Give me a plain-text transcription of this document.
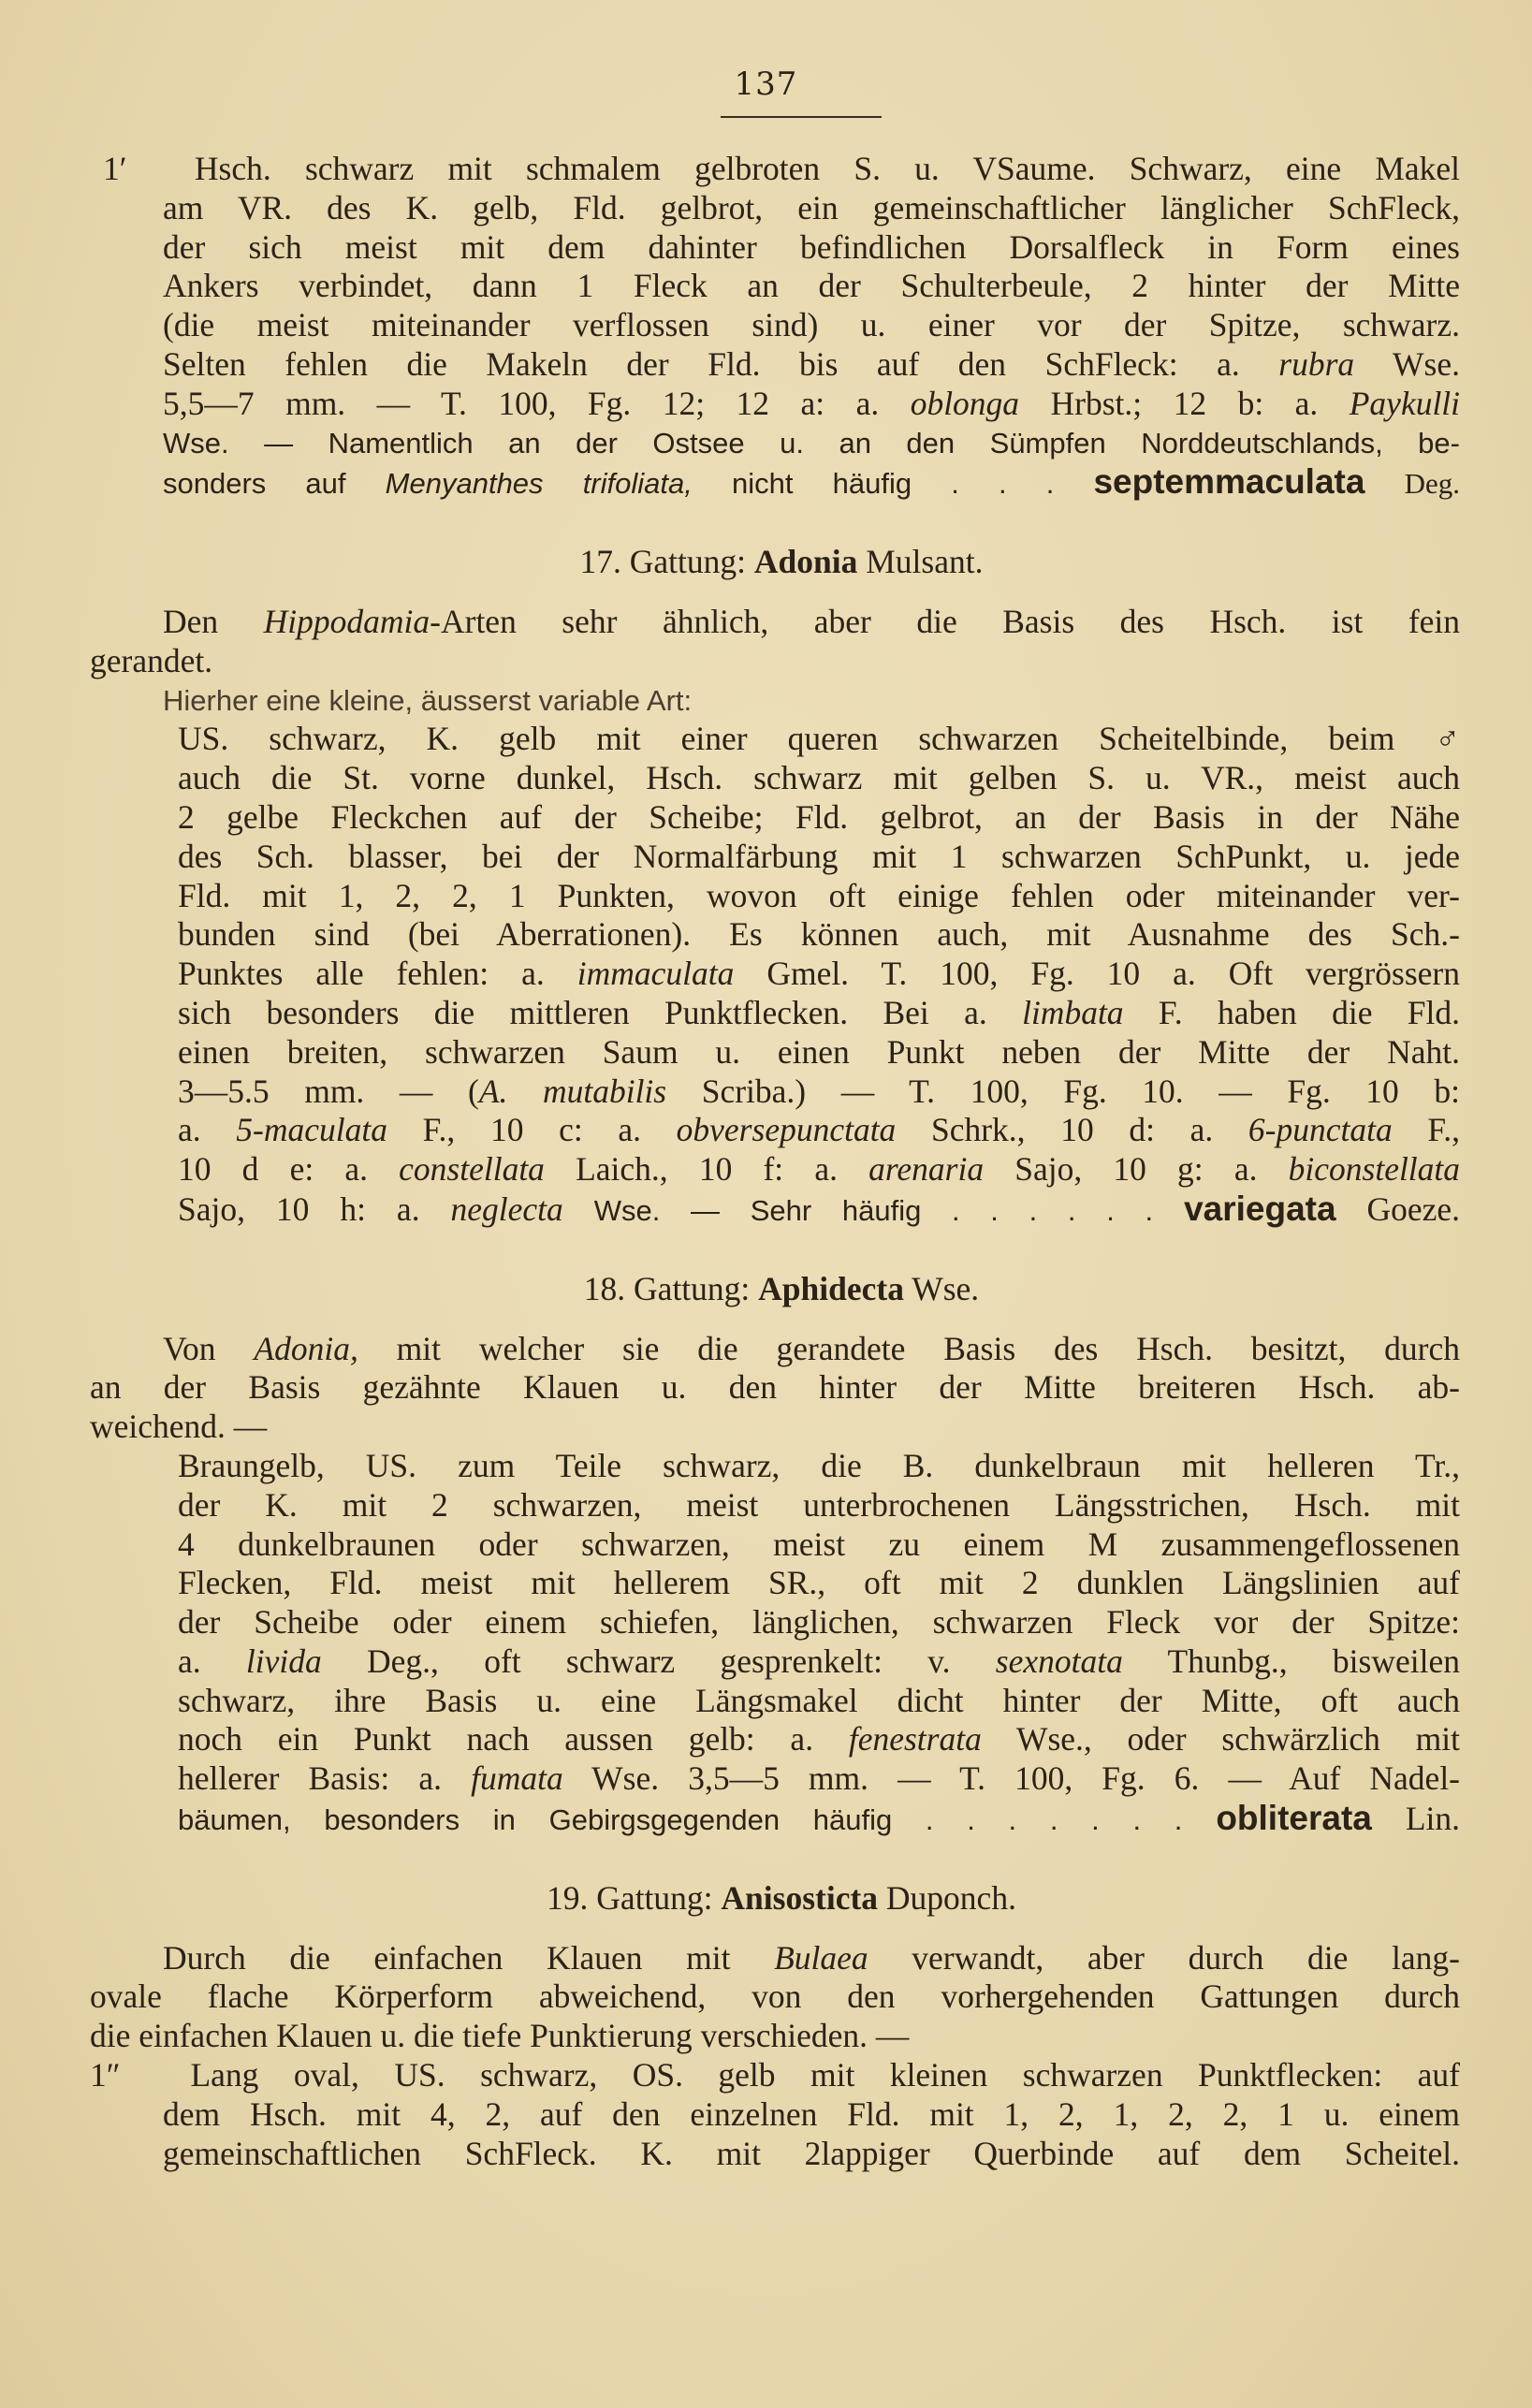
137

1′ Hsch. schwarz mit schmalem gelbroten S. u. VSaume. Schwarz, eine Makel

am VR. des K. gelb, Fld. gelbrot, ein gemeinschaftlicher länglicher SchFleck,

der sich meist mit dem dahinter befindlichen Dorsalfleck in Form eines

Ankers verbindet, dann 1 Fleck an der Schulterbeule, 2 hinter der Mitte

(die meist miteinander verflossen sind) u. einer vor der Spitze, schwarz.

Selten fehlen die Makeln der Fld. bis auf den SchFleck: a. rubra Wse.

5,5—7 mm. — T. 100, Fg. 12; 12 a: a. oblonga Hrbst.; 12 b: a. Paykulli

Wse. — Namentlich an der Ostsee u. an den Sümpfen Norddeutschlands, be-

sonders auf Menyanthes trifoliata, nicht häufig . . . septemmaculata Deg.

17. Gattung: Adonia Mulsant.

Den Hippodamia-Arten sehr ähnlich, aber die Basis des Hsch. ist fein

gerandet.

Hierher eine kleine, äusserst variable Art:

US. schwarz, K. gelb mit einer queren schwarzen Scheitelbinde, beim ♂

auch die St. vorne dunkel, Hsch. schwarz mit gelben S. u. VR., meist auch

2 gelbe Fleckchen auf der Scheibe; Fld. gelbrot, an der Basis in der Nähe

des Sch. blasser, bei der Normalfärbung mit 1 schwarzen SchPunkt, u. jede

Fld. mit 1, 2, 2, 1 Punkten, wovon oft einige fehlen oder miteinander ver-

bunden sind (bei Aberrationen). Es können auch, mit Ausnahme des Sch.-

Punktes alle fehlen: a. immaculata Gmel. T. 100, Fg. 10 a. Oft vergrössern

sich besonders die mittleren Punktflecken. Bei a. limbata F. haben die Fld.

einen breiten, schwarzen Saum u. einen Punkt neben der Mitte der Naht.

3—5.5 mm. — (A. mutabilis Scriba.) — T. 100, Fg. 10. — Fg. 10 b:

a. 5-maculata F., 10 c: a. obversepunctata Schrk., 10 d: a. 6-punctata F.,

10 d e: a. constellata Laich., 10 f: a. arenaria Sajo, 10 g: a. biconstellata

Sajo, 10 h: a. neglecta Wse. — Sehr häufig . . . . . . variegata Goeze.

18. Gattung: Aphidecta Wse.

Von Adonia, mit welcher sie die gerandete Basis des Hsch. besitzt, durch

an der Basis gezähnte Klauen u. den hinter der Mitte breiteren Hsch. ab-

weichend. —

Braungelb, US. zum Teile schwarz, die B. dunkelbraun mit helleren Tr.,

der K. mit 2 schwarzen, meist unterbrochenen Längsstrichen, Hsch. mit

4 dunkelbraunen oder schwarzen, meist zu einem M zusammengeflossenen

Flecken, Fld. meist mit hellerem SR., oft mit 2 dunklen Längslinien auf

der Scheibe oder einem schiefen, länglichen, schwarzen Fleck vor der Spitze:

a. livida Deg., oft schwarz gesprenkelt: v. sexnotata Thunbg., bisweilen

schwarz, ihre Basis u. eine Längsmakel dicht hinter der Mitte, oft auch

noch ein Punkt nach aussen gelb: a. fenestrata Wse., oder schwärzlich mit

hellerer Basis: a. fumata Wse. 3,5—5 mm. — T. 100, Fg. 6. — Auf Nadel-

bäumen, besonders in Gebirgsgegenden häufig . . . . . . . obliterata Lin.

19. Gattung: Anisosticta Duponch.

Durch die einfachen Klauen mit Bulaea verwandt, aber durch die lang-

ovale flache Körperform abweichend, von den vorhergehenden Gattungen durch

die einfachen Klauen u. die tiefe Punktierung verschieden. —

1″ Lang oval, US. schwarz, OS. gelb mit kleinen schwarzen Punktflecken: auf

dem Hsch. mit 4, 2, auf den einzelnen Fld. mit 1, 2, 1, 2, 2, 1 u. einem

gemeinschaftlichen SchFleck. K. mit 2lappiger Querbinde auf dem Scheitel.
